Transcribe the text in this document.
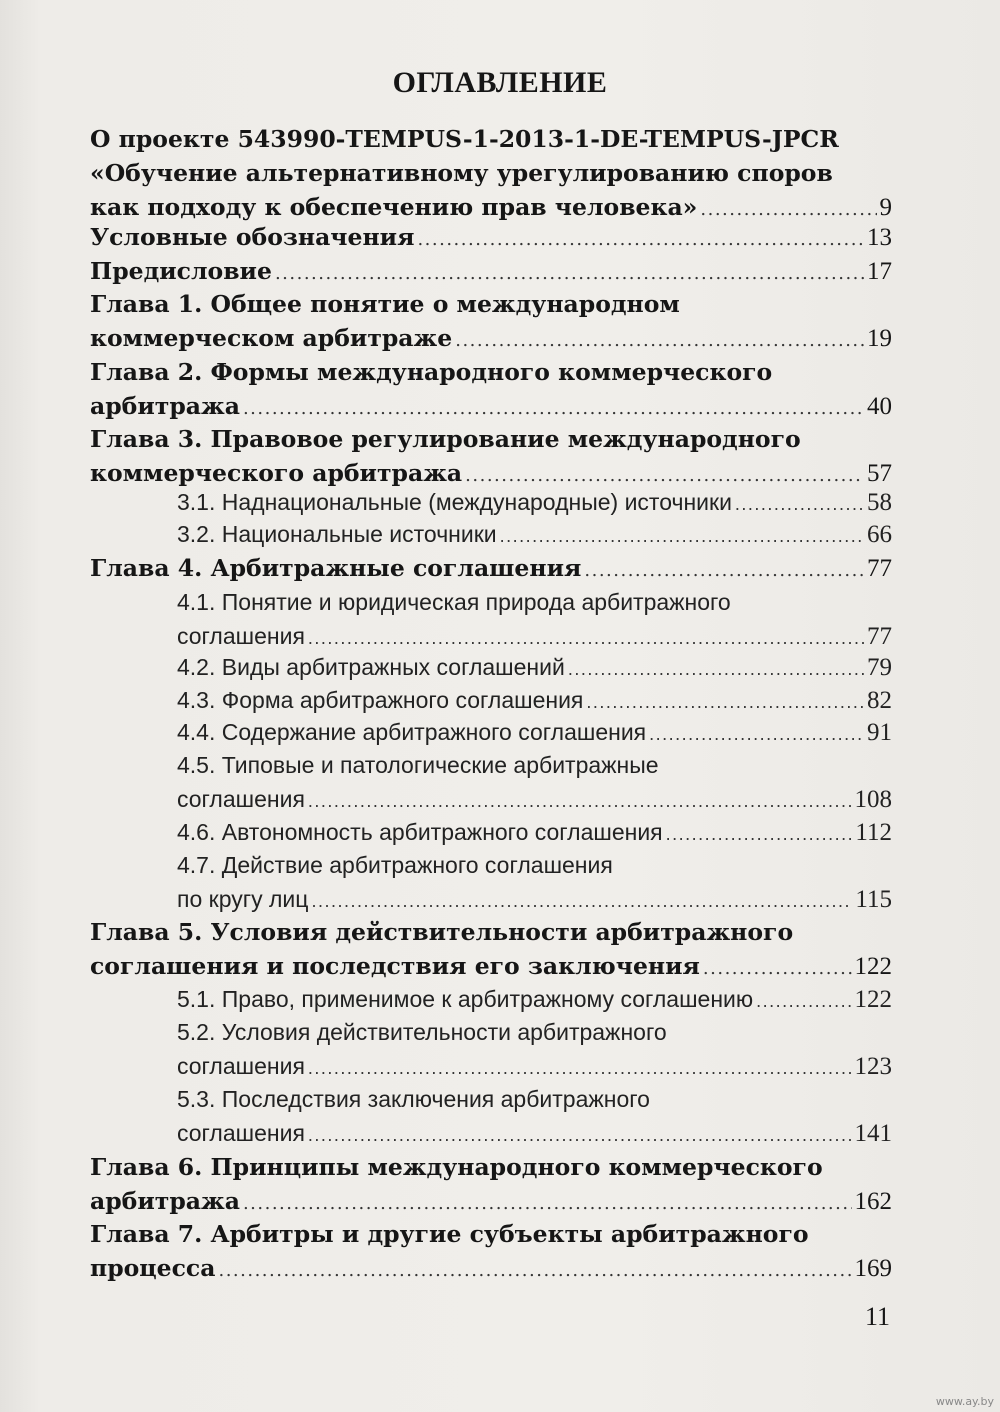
ОГЛАВЛЕНИЕ
О проекте 543990-TEMPUS-1-2013-1-DE-TEMPUS-JPCR
«Обучение альтернативному урегулированию споров
как подходу к обеспечению прав человека» .....	9
Условные обозначения .....	13
Предисловие .....	17
Глава 1. Общее понятие о международном
коммерческом арбитраже .....	19
Глава 2. Формы международного коммерческого
арбитража .....	40
Глава 3. Правовое регулирование международного
коммерческого арбитража .....	57
3.1. Наднациональные (международные) источники .....	58
3.2. Национальные источники .....	66
Глава 4. Арбитражные соглашения .....	77
4.1. Понятие и юридическая природа арбитражного
соглашения .....	77
4.2. Виды арбитражных соглашений .....	79
4.3. Форма арбитражного соглашения .....	82
4.4. Содержание арбитражного соглашения .....	91
4.5. Типовые и патологические арбитражные
соглашения .....	108
4.6. Автономность арбитражного соглашения .....	112
4.7. Действие арбитражного соглашения
по кругу лиц .....	115
Глава 5. Условия действительности арбитражного
соглашения и последствия его заключения .....	122
5.1. Право, применимое к арбитражному соглашению .....	122
5.2. Условия действительности арбитражного
соглашения .....	123
5.3. Последствия заключения арбитражного
соглашения .....	141
Глава 6. Принципы международного коммерческого
арбитража .....	162
Глава 7. Арбитры и другие субъекты арбитражного
процесса .....	169
11
www.ay.by
